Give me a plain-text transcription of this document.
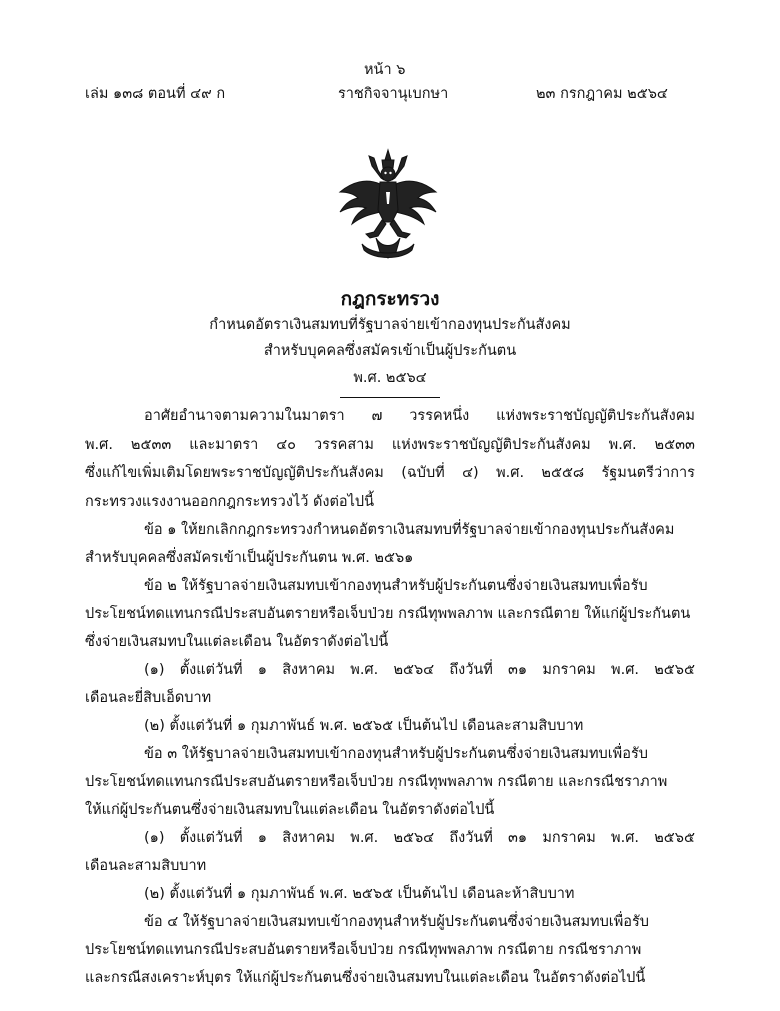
หน้า ๖
เล่ม ๑๓๘ ตอนที่ ๔๙ ก	ราชกิจจานุเบกษา	๒๓ กรกฎาคม ๒๕๖๔
กฎกระทรวง
กำหนดอัตราเงินสมทบที่รัฐบาลจ่ายเข้ากองทุนประกันสังคม
สำหรับบุคคลซึ่งสมัครเข้าเป็นผู้ประกันตน
พ.ศ. ๒๕๖๔
อาศัยอำนาจตามความในมาตรา ๗ วรรคหนึ่ง แห่งพระราชบัญญัติประกันสังคม
พ.ศ. ๒๕๓๓ และมาตรา ๔๐ วรรคสาม แห่งพระราชบัญญัติประกันสังคม พ.ศ. ๒๕๓๓
ซึ่งแก้ไขเพิ่มเติมโดยพระราชบัญญัติประกันสังคม (ฉบับที่ ๔) พ.ศ. ๒๕๕๘ รัฐมนตรีว่าการ
กระทรวงแรงงานออกกฎกระทรวงไว้ ดังต่อไปนี้
ข้อ ๑ ให้ยกเลิกกฎกระทรวงกำหนดอัตราเงินสมทบที่รัฐบาลจ่ายเข้ากองทุนประกันสังคม
สำหรับบุคคลซึ่งสมัครเข้าเป็นผู้ประกันตน พ.ศ. ๒๕๖๑
ข้อ ๒ ให้รัฐบาลจ่ายเงินสมทบเข้ากองทุนสำหรับผู้ประกันตนซึ่งจ่ายเงินสมทบเพื่อรับ
ประโยชน์ทดแทนกรณีประสบอันตรายหรือเจ็บป่วย กรณีทุพพลภาพ และกรณีตาย ให้แก่ผู้ประกันตน
ซึ่งจ่ายเงินสมทบในแต่ละเดือน ในอัตราดังต่อไปนี้
(๑) ตั้งแต่วันที่ ๑ สิงหาคม พ.ศ. ๒๕๖๔ ถึงวันที่ ๓๑ มกราคม พ.ศ. ๒๕๖๕
เดือนละยี่สิบเอ็ดบาท
(๒) ตั้งแต่วันที่ ๑ กุมภาพันธ์ พ.ศ. ๒๕๖๕ เป็นต้นไป เดือนละสามสิบบาท
ข้อ ๓ ให้รัฐบาลจ่ายเงินสมทบเข้ากองทุนสำหรับผู้ประกันตนซึ่งจ่ายเงินสมทบเพื่อรับ
ประโยชน์ทดแทนกรณีประสบอันตรายหรือเจ็บป่วย กรณีทุพพลภาพ กรณีตาย และกรณีชราภาพ
ให้แก่ผู้ประกันตนซึ่งจ่ายเงินสมทบในแต่ละเดือน ในอัตราดังต่อไปนี้
(๑) ตั้งแต่วันที่ ๑ สิงหาคม พ.ศ. ๒๕๖๔ ถึงวันที่ ๓๑ มกราคม พ.ศ. ๒๕๖๕
เดือนละสามสิบบาท
(๒) ตั้งแต่วันที่ ๑ กุมภาพันธ์ พ.ศ. ๒๕๖๕ เป็นต้นไป เดือนละห้าสิบบาท
ข้อ ๔ ให้รัฐบาลจ่ายเงินสมทบเข้ากองทุนสำหรับผู้ประกันตนซึ่งจ่ายเงินสมทบเพื่อรับ
ประโยชน์ทดแทนกรณีประสบอันตรายหรือเจ็บป่วย กรณีทุพพลภาพ กรณีตาย กรณีชราภาพ
และกรณีสงเคราะห์บุตร ให้แก่ผู้ประกันตนซึ่งจ่ายเงินสมทบในแต่ละเดือน ในอัตราดังต่อไปนี้
